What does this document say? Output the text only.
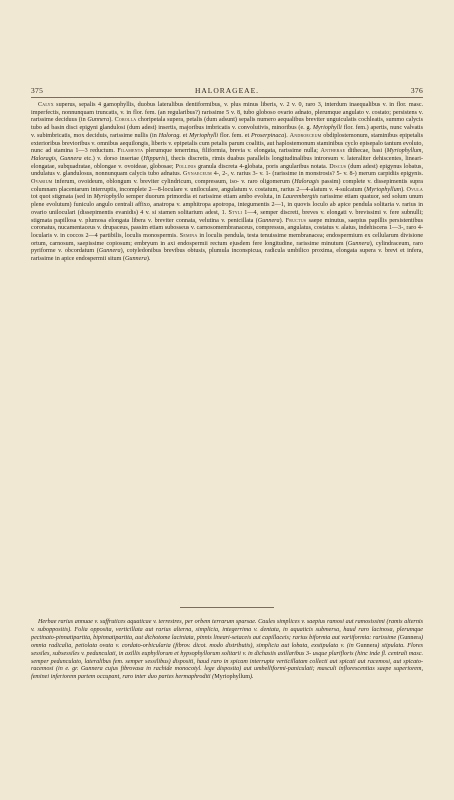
375	HALORAGEAE.	376

Calyx superus, sepalis 4 gamophyllis, duobus lateralibus dentiformibus, v. plus minus liberis, v. 2 v. 0, raro 3, interdum inaequalibus v. in flor. masc. imperfectis, nonnunquam truncatis, v. in flor. fem. (an regularibus?) rarissime 5 v. 8, tubo globoso ovario adnato, plerumque angulato v. costato; persistens v. rarissime deciduus (in Gunnera). Corolla choripetala supera, petalis (dum adsunt) sepalis numero aequalibus breviter unguiculatis cochleatis, summo calycis tubo ad basin disci epigyni glandulosi (dum adest) insertis, majoribus imbricatis v. convolutivis, minoribus (e. g. Myriophylli flor. fem.) apertis, nunc valvatis v. subimbricatis, mox deciduis, rarissime nullis (in Halorag. et Myriophylli flor. fem. et Proserpinaca). Androeceum obdiplostemonum, staminibus epipetalis exterioribus brevioribus v. omnibus aequilongis, liberis v. epipetalis cum petalis parum coalitis, aut haplostemonum staminibus cyclo episepalo tantum evoluto, nunc ad stamina 1—3 reductum. Filamenta plerumque tenerrima, filiformia, brevia v. elongata, rarissime nulla; Antherae dithecae, basi (Myriophyllum, Haloragis, Gunnera etc.) v. dorso insertae (Hippuris), thecis discretis, rimis duabus parallelis longitudinalibus introrsum v. lateraliter dehiscentes, lineari-elongatae, subquadratae, oblongae v. ovoideae, globosae; Pollinis granula discreta 4-globata, poris angularibus notata. Discus (dum adest) epigynus lobatus, undulatus v. glandulosus, nonnunquam calycis tubo adnatus. Gynaeceum 4-, 2-, v. rarius 3- v. 1- (rarissime in monstrosis? 5- v. 8-) merum carpidiis epigynis. Ovarium inferum, ovoideum, oblongum v. breviter cylindricum, compressum, iso- v. raro oligomerum (Haloragis passim) complete v. dissepimentis supra columnam placentarum interruptis, incomplete 2—8-loculare v. uniloculare, angulatum v. costatum, rarius 2—4-alatum v. 4-sulcatum (Myriophyllum). Ovula tot quot stigmata (sed in Myriophyllo semper duorum primordia et rarissime etiam ambo evoluta, in Laurembergiis rarissime etiam quatuor, sed solum unum plene evolutum) funiculo angulo centrali affixo, anatropa v. amphitropa apotropa, integumentis 2—1, in quovis loculo ab apice pendula solitaria v. rarius in ovario uniloculari (dissepimentis evanidis) 4 v. si stamen solitarium adest, 1. Styli 1—4, semper discreti, breves v. elongati v. brevissimi v. fere subnulli; stigmata papillosa v. plumosa elongata libera v. breviter connata, velutina v. penicillata (Gunnera). Fructus saepe minutus, saepius papillis persistentibus coronatus, nucamentaceus v. drupaceus, passim etiam subosseus v. carnosomembranaceus, compressus, angulatus, costatus v. alatus, indehiscens 1—3-, raro 4-locularis v. in coccos 2—4 partibilis, loculis monospermis. Semina in loculis pendula, testa tenuissime membranacea; endospermium ex cellularum divisione ortum, carnosum, saepissime copiosum; embryum in axi endospermii rectum ejusdem fere longitudine, rarissime minutum (Gunnera), cylindraceum, raro pyriforme v. obcordatum (Gunnera), cotyledonibus brevibus obtusis, plumula inconspicua, radicula umbilico proxima, elongata supera v. brevi et infera, rarissime in apice endospermii situm (Gunnera).

Herbae rarius annuae v. suffrutices aquaticae v. terrestres, per orbem terrarum sparsae. Caules simplices v. saepius ramosi aut ramosissimi (ramis alternis v. suboppositis). Folia opposita, verticillata aut rarius alterna, simplicia, integerrima v. dentata, in aquaticis submersa, haud raro lacinosa, plerumque pectinato-pinnatipartita, bipinnatipartita, aut dichotome laciniata, pinnis lineari-setaceis aut capillaceis; rarius biformia aut variiformia: rarissime (Gunnera) omnia radicalia, petiolata ovata v. cordato-orbicularia (fibrov. dicot. modo distributis), simplicia aut lobata, exstipulata v. (in Gunnera) stipulata. Flores sessiles, subsessiles v. pedunculati, in axillis euphyllorum et hypsophyllorum solitarii v. in dichasiis axillaribus 3- usque plurifloris (hinc inde fl. centrali masc. semper pedunculato, lateralibus fem. semper sessilibus) dispositi, haud raro in spicam interrupte verticillatam collecti aut spicati aut racemosi, aut spicato-racemosi (in e. gr. Gunnera cujus fibrovasa in rachide monocotyl. lege disposita) aut umbelliformi-paniculati; masculi inflorescentias saepe superiorem, feminei inferiorem partem occupant, raro inter duo partes hermaphroditi (Myriophyllum).
